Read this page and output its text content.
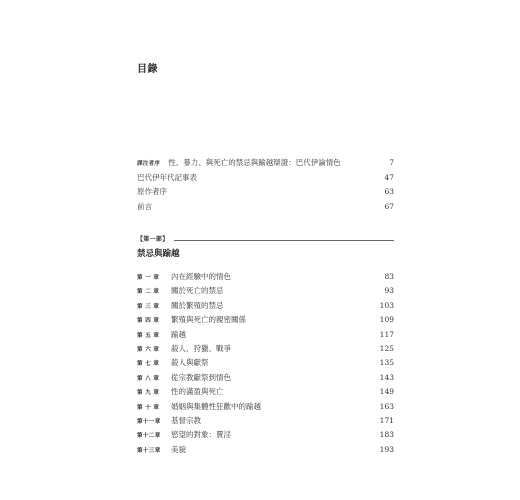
目錄
譯注者序 性、暴力、與死亡的禁忌與踰越辯證：巴代伊論情色	7
巴代伊年代記事表	47
原作者序	63
前言	67
【第一部】
禁忌與踰越
第 一 章 內在經驗中的情色	83
第 二 章 關於死亡的禁忌	93
第 三 章 關於繁殖的禁忌	103
第 四 章 繁殖與死亡的親密關係	109
第 五 章 踰越	117
第 六 章 殺人、狩獵、戰爭	125
第 七 章 殺人與獻祭	135
第 八 章 從宗教獻祭到情色	143
第 九 章 性的滿盈與死亡	149
第 十 章 婚姻與集體性狂歡中的踰越	163
第十一章 基督宗教	171
第十二章 慾望的對象：賣淫	183
第十三章 美貌	193
